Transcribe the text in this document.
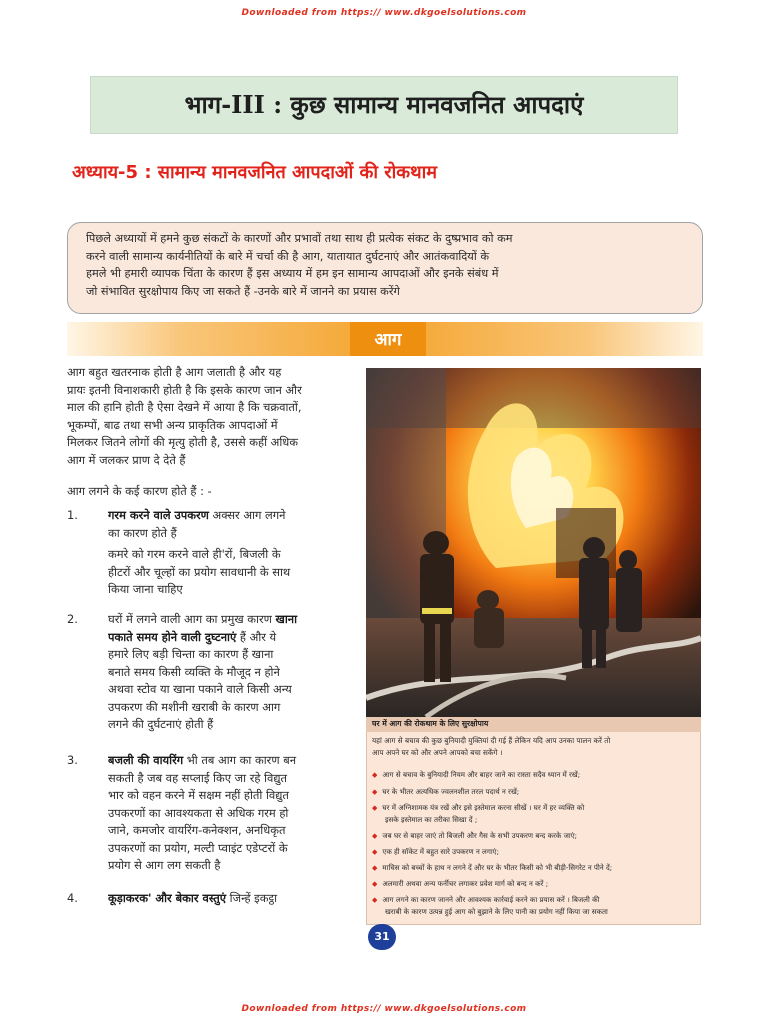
Downloaded from https:// www.dkgoelsolutions.com
भाग-III : कुछ सामान्य मानवजनित आपदाएं
अध्याय-5 : सामान्य मानवजनित आपदाओं की रोकथाम
पिछले अध्यायों में हमने कुछ संकटों के कारणों और प्रभावों तथा साथ ही प्रत्येक संकट के दुष्प्रभाव को कम
करने वाली सामान्य कार्यनीतियों के बारे में चर्चा की है आग, यातायात दुर्घटनाएं और आतंकवादियों के
हमले भी हमारी व्यापक चिंता के कारण हैं इस अध्याय में हम इन सामान्य आपदाओं और इनके संबंध में
जो संभावित सुरक्षोपाय किए जा सकते हैं -उनके बारे में जानने का प्रयास करेंगे
आग
आग बहुत खतरनाक होती है आग जलाती है और यह
प्रायः इतनी विनाशकारी होती है कि इसके कारण जान और
माल की हानि होती है ऐसा देखने में आया है कि चक्रवातों,
भूकम्पों, बाढ तथा सभी अन्य प्राकृतिक आपदाओं में
मिलकर जितने लोगों की मृत्यु होती है, उससे कहीं अधिक
आग में जलकर प्राण दे देते हैं
आग लगने के कई कारण होते हैं : -
1.	गरम करने वाले उपकरण अक्सर आग लगने
का कारण होते हैं
कमरे को गरम करने वाले ही'रों, बिजली के
हीटरों और चूल्हों का प्रयोग सावधानी के साथ
किया जाना चाहिए
2.	घरों में लगने वाली आग का प्रमुख कारण खाना
पकाते समय होने वाली दुघ्टनाएं हैं और ये
हमारे लिए बड़ी चिन्ता का कारण हैं खाना
बनाते समय किसी व्यक्ति के मौजूद न होने
अथवा स्टोव या खाना पकाने वाले किसी अन्य
उपकरण की मशीनी खराबी के कारण आग
लगने की दुर्घटनाएं होती हैं
3.	बजली की वायरिंग भी तब आग का कारण बन
सकती है जब वह सप्लाई किए जा रहे विद्युत
भार को वहन करने में सक्षम नहीं होती विद्युत
उपकरणों का आवश्यकता से अधिक गरम हो
जाने, कमजोर वायरिंग-कनेक्शन, अनधिकृत
उपकरणों का प्रयोग, मल्टी प्वाइंट एडेप्टरों के
प्रयोग से आग लग सकती है
4.	कूड़ाकरक' और बेकार वस्तुएं जिन्हें इकट्ठा
घर में आग की रोकथाम के लिए सुरक्षोपाय
यहां आग से बचाव की कुछ बुनियादी युक्तियां दी गई हैं लेकिन यदि आप उनका पालन करें तो
आप अपने घर को और अपने आपको बचा सकेंगे ।
◆ आग से बचाव के बुनियादी नियम और बाहर जाने का रास्ता सदैव ध्यान में रखें;
◆ घर के भीतर अत्यधिक ज्वलनशील तरल पदार्थ न रखें;
◆ घर में अग्निशामक यंत्र रखें और इसे इस्तेमाल करना सीखें । घर में हर व्यक्ति को
इसके इस्तेमाल का तरीका सिखा दें ;
◆ जब घर से बाहर जाएं तो बिजली और गैस के सभी उपकरण बन्द करके जाएं;
◆ एक ही सॉकेट में बहुत सारे उपकरण न लगाएं;
◆ माचिस को बच्चों के हाथ न लगने दें और घर के भीतर किसी को भी बीड़ी-सिगरेट न पीने दें;
◆ अलमारी अथवा अन्य फर्नीचर लगाकर प्रवेश मार्ग को बन्द न करें ;
◆ आग लगने का कारण जानने और आवश्यक कार्रवाई करने का प्रयास करें । बिजली की
खराबी के कारण उत्पन्न हुई आग को बुझाने के लिए पानी का प्रयोग नहीं किया जा सकता
31
Downloaded from https:// www.dkgoelsolutions.com
